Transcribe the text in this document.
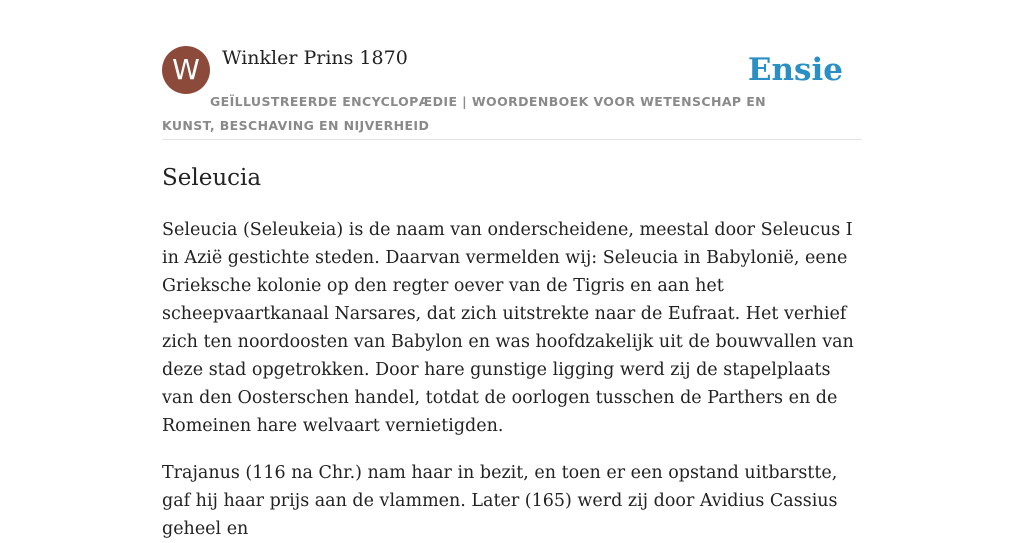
W	Winkler Prins 1870	Ensie
GEÏLLUSTREERDE ENCYCLOPÆDIE | WOORDENBOEK VOOR WETENSCHAP EN KUNST, BESCHAVING EN NIJVERHEID
Seleucia

Seleucia (Seleukeia) is de naam van onderscheidene, meestal door Seleucus I in Azië gestichte steden. Daarvan vermelden wij: Seleucia in Babylonië, eene Grieksche kolonie op den regter oever van de Tigris en aan het scheepvaartkanaal Narsares, dat zich uitstrekte naar de Eufraat. Het verhief zich ten noordoosten van Babylon en was hoofdzakelijk uit de bouwvallen van deze stad opgetrokken. Door hare gunstige ligging werd zij de stapelplaats van den Oosterschen handel, totdat de oorlogen tusschen de Parthers en de Romeinen hare welvaart vernietigden.

Trajanus (116 na Chr.) nam haar in bezit, en toen er een opstand uitbarstte, gaf hij haar prijs aan de vlammen. Later (165) werd zij door Avidius Cassius geheel en
